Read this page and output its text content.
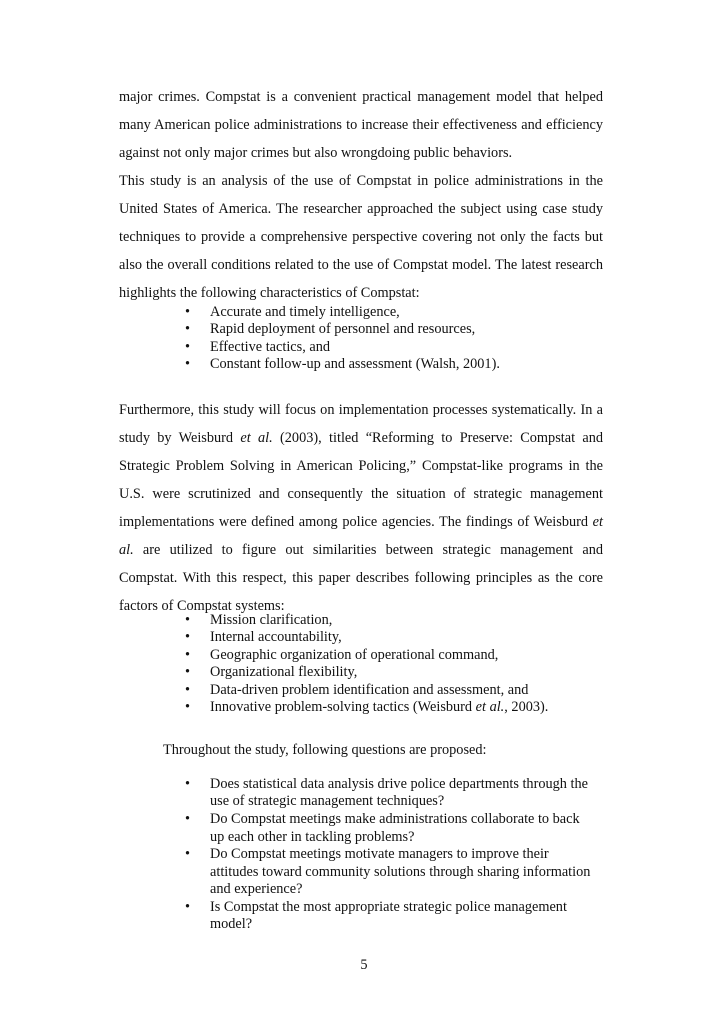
major crimes. Compstat is a convenient practical management model that helped many American police administrations to increase their effectiveness and efficiency against not only major crimes but also wrongdoing public behaviors.

This study is an analysis of the use of Compstat in police administrations in the United States of America. The researcher approached the subject using case study techniques to provide a comprehensive perspective covering not only the facts but also the overall conditions related to the use of Compstat model. The latest research highlights the following characteristics of Compstat:

• Accurate and timely intelligence,
• Rapid deployment of personnel and resources,
• Effective tactics, and
• Constant follow-up and assessment (Walsh, 2001).

Furthermore, this study will focus on implementation processes systematically. In a study by Weisburd et al. (2003), titled “Reforming to Preserve: Compstat and Strategic Problem Solving in American Policing,” Compstat-like programs in the U.S. were scrutinized and consequently the situation of strategic management implementations were defined among police agencies. The findings of Weisburd et al. are utilized to figure out similarities between strategic management and Compstat. With this respect, this paper describes following principles as the core factors of Compstat systems:

• Mission clarification,
• Internal accountability,
• Geographic organization of operational command,
• Organizational flexibility,
• Data-driven problem identification and assessment, and
• Innovative problem-solving tactics (Weisburd et al., 2003).

Throughout the study, following questions are proposed:

• Does statistical data analysis drive police departments through the use of strategic management techniques?
• Do Compstat meetings make administrations collaborate to back up each other in tackling problems?
• Do Compstat meetings motivate managers to improve their attitudes toward community solutions through sharing information and experience?
• Is Compstat the most appropriate strategic police management model?
5
